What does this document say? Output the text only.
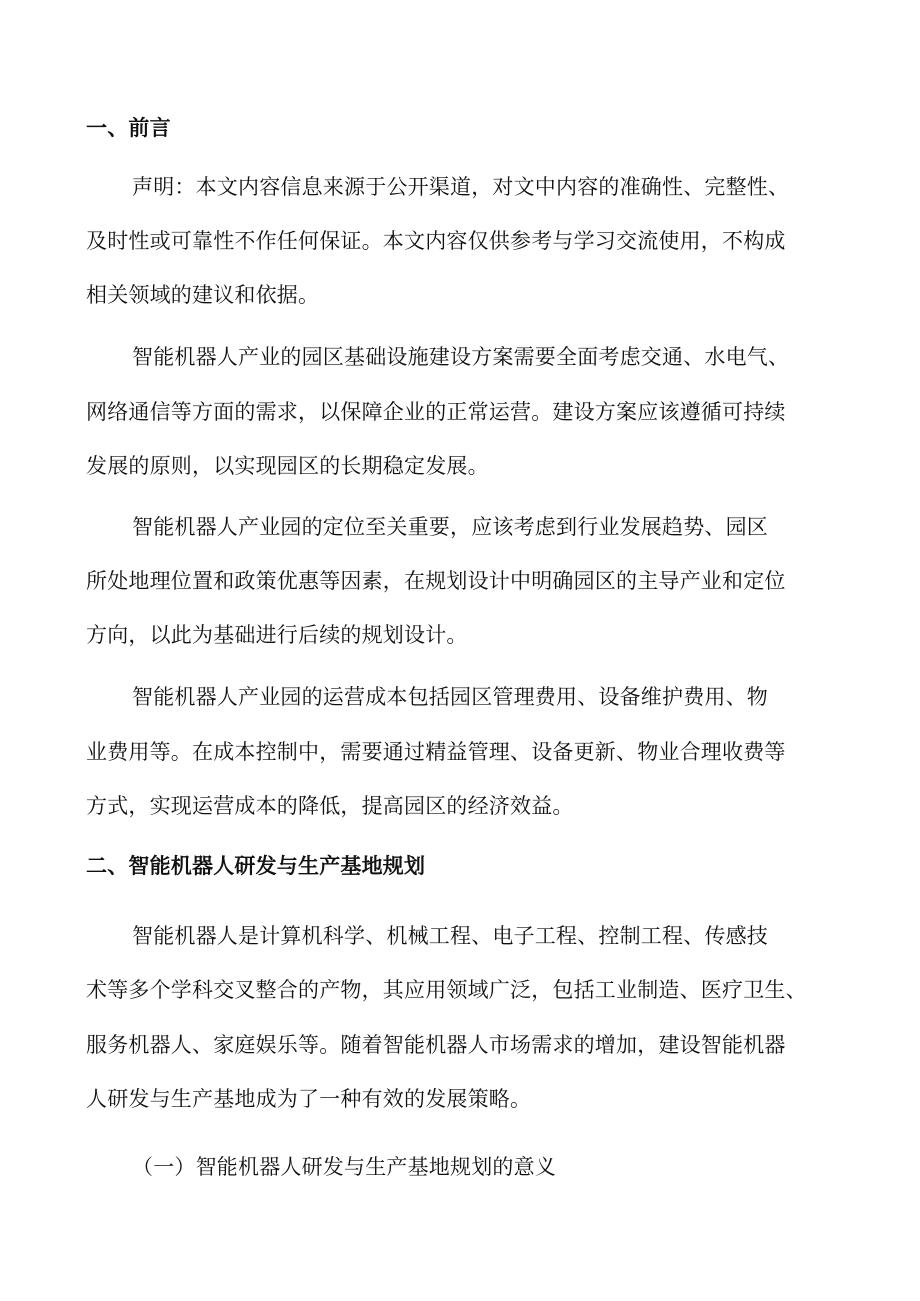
一、前言
声明：本文内容信息来源于公开渠道，对文中内容的准确性、完整性、
及时性或可靠性不作任何保证。本文内容仅供参考与学习交流使用，不构成
相关领域的建议和依据。
智能机器人产业的园区基础设施建设方案需要全面考虑交通、水电气、
网络通信等方面的需求，以保障企业的正常运营。建设方案应该遵循可持续
发展的原则，以实现园区的长期稳定发展。
智能机器人产业园的定位至关重要，应该考虑到行业发展趋势、园区
所处地理位置和政策优惠等因素，在规划设计中明确园区的主导产业和定位
方向，以此为基础进行后续的规划设计。
智能机器人产业园的运营成本包括园区管理费用、设备维护费用、物
业费用等。在成本控制中，需要通过精益管理、设备更新、物业合理收费等
方式，实现运营成本的降低，提高园区的经济效益。
二、智能机器人研发与生产基地规划
智能机器人是计算机科学、机械工程、电子工程、控制工程、传感技
术等多个学科交叉整合的产物，其应用领域广泛，包括工业制造、医疗卫生、
服务机器人、家庭娱乐等。随着智能机器人市场需求的增加，建设智能机器
人研发与生产基地成为了一种有效的发展策略。
（一）智能机器人研发与生产基地规划的意义
